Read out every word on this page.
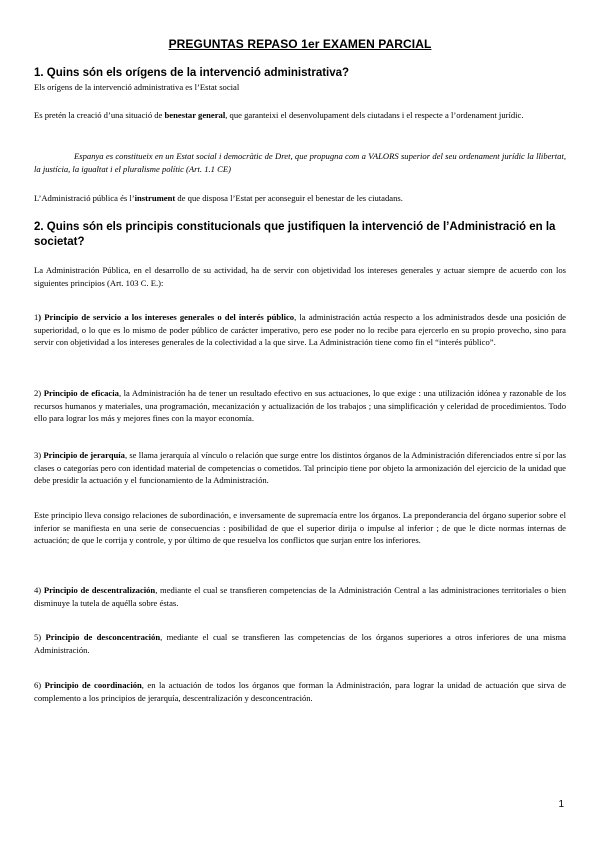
PREGUNTAS REPASO 1er EXAMEN PARCIAL
1. Quins són els orígens de la intervenció administrativa?
Els orígens de la intervenció administrativa es l’Estat social
Es pretén la creació d’una situació de benestar general, que garanteixi el desenvolupament dels ciutadans i el respecte a l’ordenament jurídic.
Espanya es constitueix en un Estat social i democràtic de Dret, que propugna com a VALORS superior del seu ordenament jurídic la llibertat, la justícia, la igualtat i el pluralisme polític (Art. 1.1 CE)
L’Administració pública és l’instrument de que disposa l’Estat per aconseguir el benestar de les ciutadans.
2. Quins són els principis constitucionals que justifiquen la intervenció de l’Administració en la societat?
La Administración Pública, en el desarrollo de su actividad, ha de servir con objetividad los intereses generales y actuar siempre de acuerdo con los siguientes principios (Art. 103 C. E.):
1) Principio de servicio a los intereses generales o del interés público, la administración actúa respecto a los administrados desde una posición de superioridad, o lo que es lo mismo de poder público de carácter imperativo, pero ese poder no lo recibe para ejercerlo en su propio provecho, sino para servir con objetividad a los intereses generales de la colectividad a la que sirve. La Administración tiene como fin el “interés público”.
2) Principio de eficacia, la Administración ha de tener un resultado efectivo en sus actuaciones, lo que exige : una utilización idónea y razonable de los recursos humanos y materiales, una programación, mecanización y actualización de los trabajos ; una simplificación y celeridad de procedimientos. Todo ello para lograr los más y mejores fines con la mayor economía.
3) Principio de jerarquía, se llama jerarquía al vínculo o relación que surge entre los distintos órganos de la Administración diferenciados entre sí por las clases o categorías pero con identidad material de competencias o cometidos. Tal principio tiene por objeto la armonización del ejercicio de la unidad que debe presidir la actuación y el funcionamiento de la Administración.
Este principio lleva consigo relaciones de subordinación, e inversamente de supremacía entre los órganos. La preponderancia del órgano superior sobre el inferior se manifiesta en una serie de consecuencias : posibilidad de que el superior dirija o impulse al inferior ; de que le dicte normas internas de actuación; de que le corrija y controle, y por último de que resuelva los conflictos que surjan entre los inferiores.
4) Principio de descentralización, mediante el cual se transfieren competencias de la Administración Central a las administraciones territoriales o bien disminuye la tutela de aquélla sobre éstas.
5) Principio de desconcentración, mediante el cual se transfieren las competencias de los órganos superiores a otros inferiores de una misma Administración.
6) Principio de coordinación, en la actuación de todos los órganos que forman la Administración, para lograr la unidad de actuación que sirva de complemento a los principios de jerarquía, descentralización y desconcentración.
1
